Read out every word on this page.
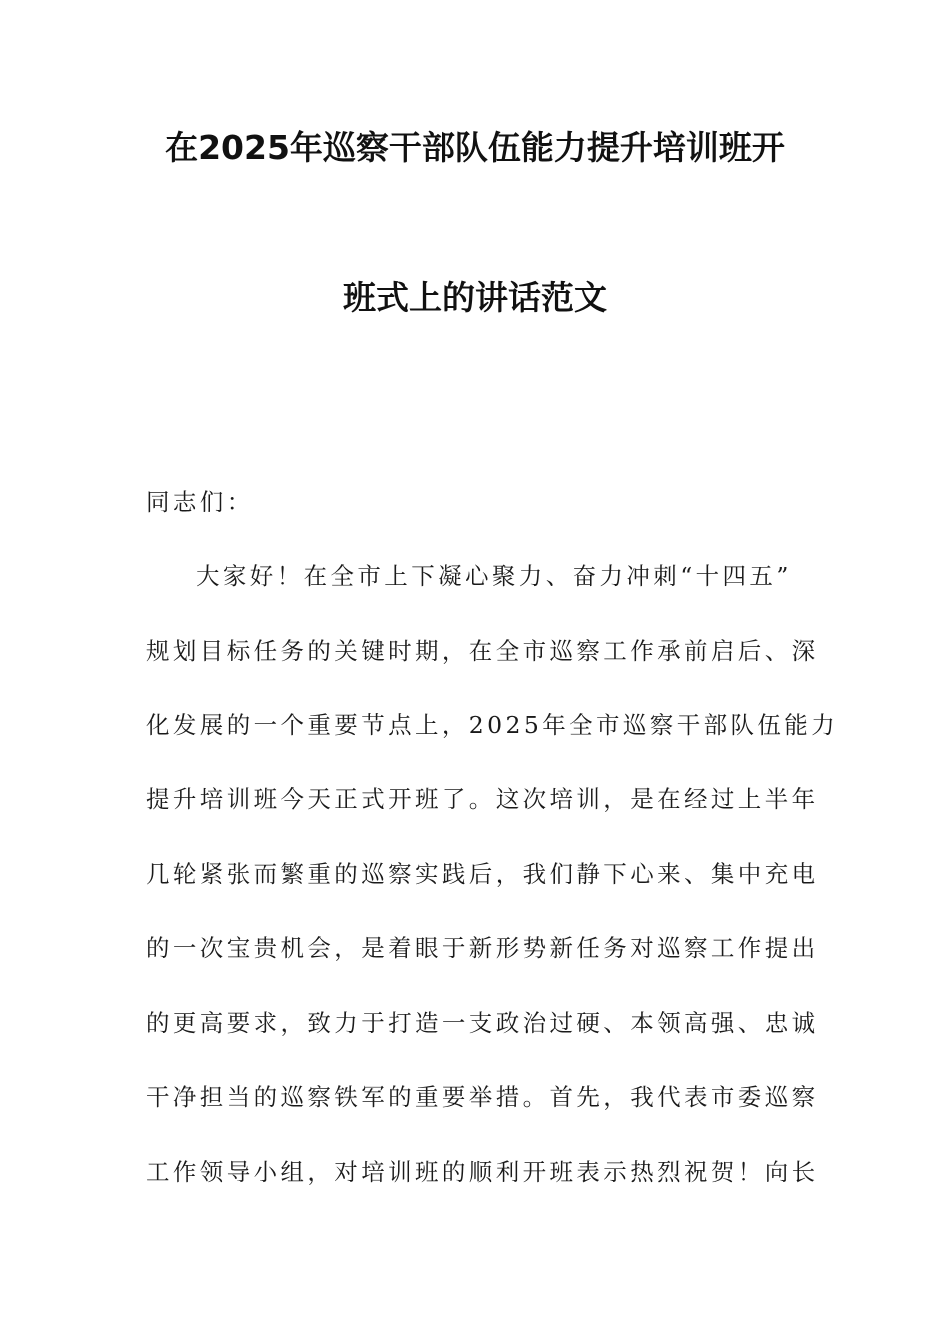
在2025年巡察干部队伍能力提升培训班开
班式上的讲话范文
同志们：
大家好！在全市上下凝心聚力、奋力冲刺“十四五”
规划目标任务的关键时期，在全市巡察工作承前启后、深
化发展的一个重要节点上，2025年全市巡察干部队伍能力
提升培训班今天正式开班了。这次培训，是在经过上半年
几轮紧张而繁重的巡察实践后，我们静下心来、集中充电
的一次宝贵机会，是着眼于新形势新任务对巡察工作提出
的更高要求，致力于打造一支政治过硬、本领高强、忠诚
干净担当的巡察铁军的重要举措。首先，我代表市委巡察
工作领导小组，对培训班的顺利开班表示热烈祝贺！向长
